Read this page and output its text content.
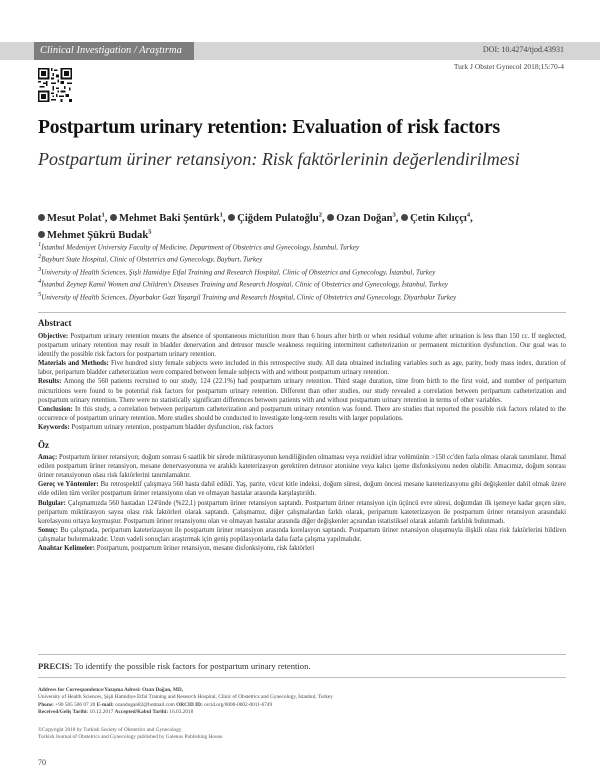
Clinical Investigation / Araştırma	DOI: 10.4274/tjod.43931
Turk J Obstet Gynecol 2018;15:70-4
Postpartum urinary retention: Evaluation of risk factors
Postpartum üriner retansiyon: Risk faktörlerinin değerlendirilmesi
Mesut Polat$^1$, Mehmet Baki Şentürk$^1$, Çiğdem Pulatoğlu$^2$, Ozan Doğan$^3$, Çetin Kılıççı$^4$,
Mehmet Şükrü Budak$^5$
$^1$İstanbul Medeniyet University Faculty of Medicine, Department of Obstetrics and Gynecology, İstanbul, Turkey
$^2$Bayburt State Hospital, Clinic of Obstetrics and Gynecology, Bayburt, Turkey
$^3$University of Health Sciences, Şişli Hamidiye Etfal Training and Research Hospital, Clinic of Obstetrics and Gynecology, İstanbul, Turkey
$^4$İstanbul Zeynep Kamil Women and Children's Diseases Training and Research Hospital, Clinic of Obstetrics and Gynecology, İstanbul, Turkey
$^5$University of Health Sciences, Diyarbakır Gazi Yaşargil Training and Research Hospital, Clinic of Obstetrics and Gynecology, Diyarbakır Turkey
Abstract
Objective: Postpartum urinary retention means the absence of spontaneous micturition more than 6 hours after birth or when residual volume after urination is less than 150 cc. If neglected, postpartum urinary retention may result in bladder denervation and detrusor muscle weakness requiring intermittent catheterization or permanent micturition dysfunction. Our goal was to identify the possible risk factors for postpartum urinary retention.
Materials and Methods: Five hundred sixty female subjects were included in this retrospective study. All data obtained including variables such as age, parity, body mass index, duration of labor, peripartum bladder catheterization were compared between female subjects with and without postpartum urinary retention.
Results: Among the 560 patients recruited to our study, 124 (22.1%) had postpartum urinary retention. Third stage duration, time from birth to the first void, and number of peripartum micturitions were found to be potential risk factors for postpartum urinary retention. Different than other studies, our study revealed a correlation between peripartum catheterization and postpartum urinary retention. There were no statistically significant differences between patients with and without postpartum urinary retention in terms of other variables.
Conclusion: In this study, a correlation between peripartum catheterization and postpartum urinary retention was found. There are studies that reported the possible risk factors related to the occurrence of postpartum urinary retention. More studies should be conducted to investigate long-term results with larger populations.
Keywords: Postpartum urinary retention, postpartum bladder dysfunction, risk factors
Öz
Amaç: Postpartum üriner retansiyon; doğum sonrası 6 saatlik bir sürede miktürasyonun kendiliğinden olmaması veya rezidüel idrar volümünün >150 cc'den fazla olması olarak tanımlanır. İhmal edilen postpartum üriner retansiyon, mesane denervasyonuna ve aralıklı kateterizasyon gerektiren detrusor atonisine veya kalıcı işeme disfonksiyonu neden olabilir. Amacımız, doğum sonrası üriner retansiyonun olası risk faktörlerini tanımlamaktır.
Gereç ve Yöntemler: Bu retrospektif çalışmaya 560 hasta dahil edildi. Yaş, parite, vücut kitle indeksi, doğum süresi, doğum öncesi mesane kateterizasyonu gibi değişkenler dahil olmak üzere elde edilen tüm veriler postpartum üriner retansiyonu olan ve olmayan hastalar arasında karşılaştırıldı.
Bulgular: Çalışmamızda 560 hastadan 124'ünde (%22,1) postpartum üriner retansiyon saptandı. Postpartum üriner retansiyon için üçüncü evre süresi, doğumdan ilk işemeye kadar geçen süre, peripartum miktürasyon sayısı olası risk faktörleri olarak saptandı. Çalışmamız, diğer çalışmalardan farklı olarak, peripartum kateterizasyon ile postpartum üriner retansiyon arasındaki korelasyonu ortaya koymuştur. Postpartum üriner retansiyonu olan ve olmayan hastalar arasında diğer değişkenler açısından istatistiksel olarak anlamlı farklılık bulunmadı.
Sonuç: Bu çalışmada, peripartum kateterizasyon ile postpartum üriner retansiyon arasında korelasyon saptandı. Postpartum üriner retansiyon oluşumuyla ilişkili olası risk faktörlerini bildiren çalışmalar bulunmaktadır. Uzun vadeli sonuçları araştırmak için geniş popülasyonlarla daha fazla çalışma yapılmalıdır.
Anahtar Kelimeler: Postpartum, postpartum üriner retansiyon, mesane disfonksiyonu, risk faktörleri
PRECIS: To identify the possible risk factors for postpartum urinary retention.
Address for Correspondence/Yazışma Adresi: Ozan Doğan, MD,
University of Health Sciences, Şişli Hamidiye Etfal Training and Research Hospital, Clinic of Obstetrics and Gynecology, İstanbul, Turkey
Phone: +90 505 506 07 20 E-mail: ozandogan82@hotmail.com ORCID ID: orcid.org/0000-0002-0011-6749
Received/Geliş Tarihi: 10.12.2017 Accepted/Kabul Tarihi: 16.03.2018
©Copyright 2018 by Turkish Society of Obstetrics and Gynecology
Turkish Journal of Obstetrics and Gynecology published by Galenos Publishing House.
70
